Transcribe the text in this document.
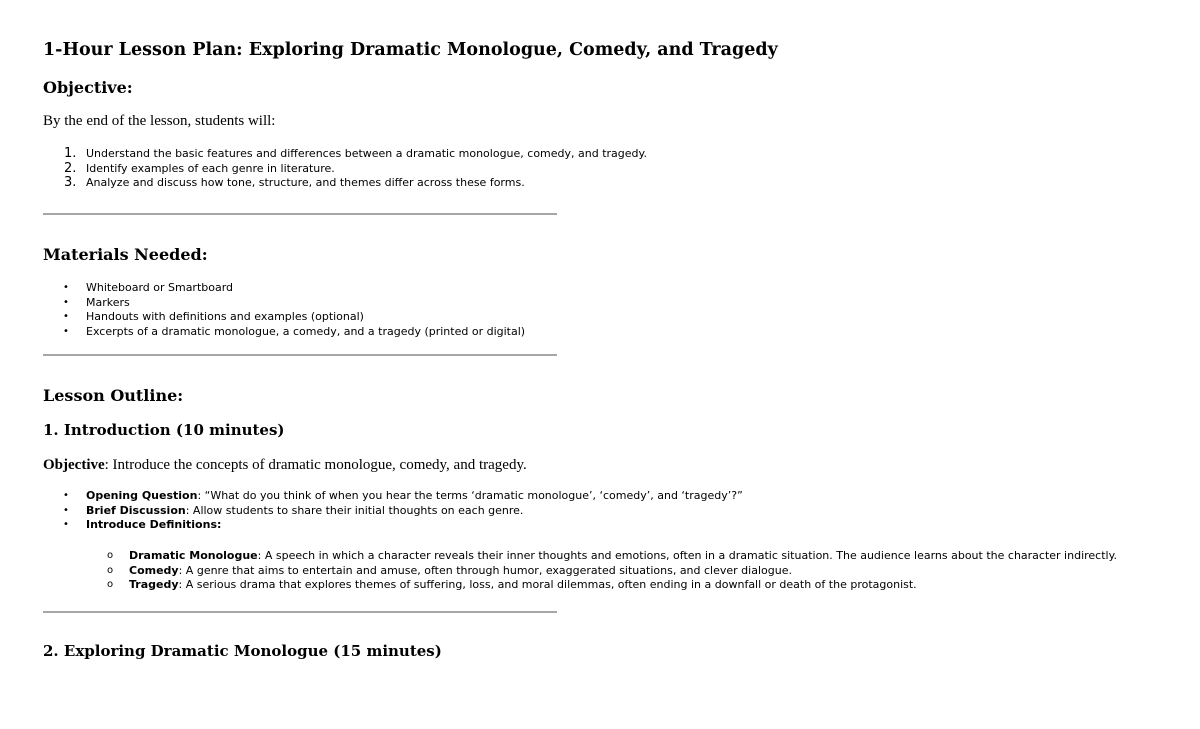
1-Hour Lesson Plan: Exploring Dramatic Monologue, Comedy, and Tragedy
Objective:

By the end of the lesson, students will:

1. Understand the basic features and differences between a dramatic monologue, comedy, and tragedy.
2. Identify examples of each genre in literature.
3. Analyze and discuss how tone, structure, and themes differ across these forms.
Materials Needed:
• Whiteboard or Smartboard
• Markers
• Handouts with definitions and examples (optional)
• Excerpts of a dramatic monologue, a comedy, and a tragedy (printed or digital)
Lesson Outline:
1. Introduction (10 minutes)

Objective: Introduce the concepts of dramatic monologue, comedy, and tragedy.

• Opening Question: “What do you think of when you hear the terms ‘dramatic monologue’, ‘comedy’, and ‘tragedy’?”
• Brief Discussion: Allow students to share their initial thoughts on each genre.
• Introduce Definitions:
o Dramatic Monologue: A speech in which a character reveals their inner thoughts and emotions, often in a dramatic situation. The audience learns about the character indirectly.
o Comedy: A genre that aims to entertain and amuse, often through humor, exaggerated situations, and clever dialogue.
o Tragedy: A serious drama that explores themes of suffering, loss, and moral dilemmas, often ending in a downfall or death of the protagonist.
2. Exploring Dramatic Monologue (15 minutes)
